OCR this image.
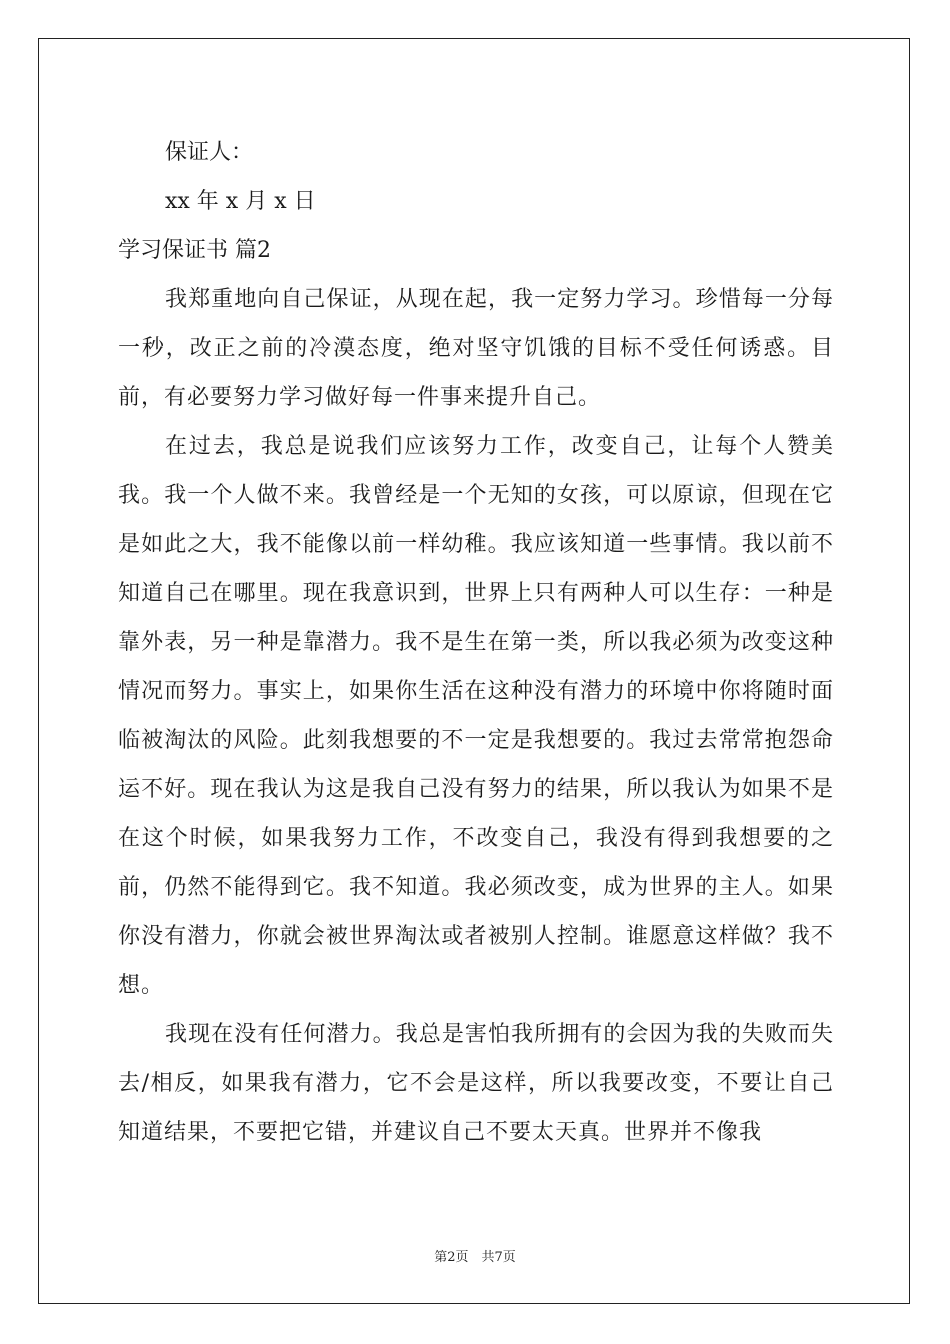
保证人：
xx 年 x 月 x 日
学习保证书 篇2

我郑重地向自己保证，从现在起，我一定努力学习。珍惜每一分每一秒，改正之前的冷漠态度，绝对坚守饥饿的目标不受任何诱惑。目前，有必要努力学习做好每一件事来提升自己。

在过去，我总是说我们应该努力工作，改变自己，让每个人赞美我。我一个人做不来。我曾经是一个无知的女孩，可以原谅，但现在它是如此之大，我不能像以前一样幼稚。我应该知道一些事情。我以前不知道自己在哪里。现在我意识到，世界上只有两种人可以生存：一种是靠外表，另一种是靠潜力。我不是生在第一类，所以我必须为改变这种情况而努力。事实上，如果你生活在这种没有潜力的环境中你将随时面临被淘汰的风险。此刻我想要的不一定是我想要的。我过去常常抱怨命运不好。现在我认为这是我自己没有努力的结果，所以我认为如果不是在这个时候，如果我努力工作，不改变自己，我没有得到我想要的之前，仍然不能得到它。我不知道。我必须改变，成为世界的主人。如果你没有潜力，你就会被世界淘汰或者被别人控制。谁愿意这样做？我不想。

我现在没有任何潜力。我总是害怕我所拥有的会因为我的失败而失去/相反，如果我有潜力，它不会是这样，所以我要改变，不要让自己知道结果，不要把它错，并建议自己不要太天真。世界并不像我

第2页　共7页
